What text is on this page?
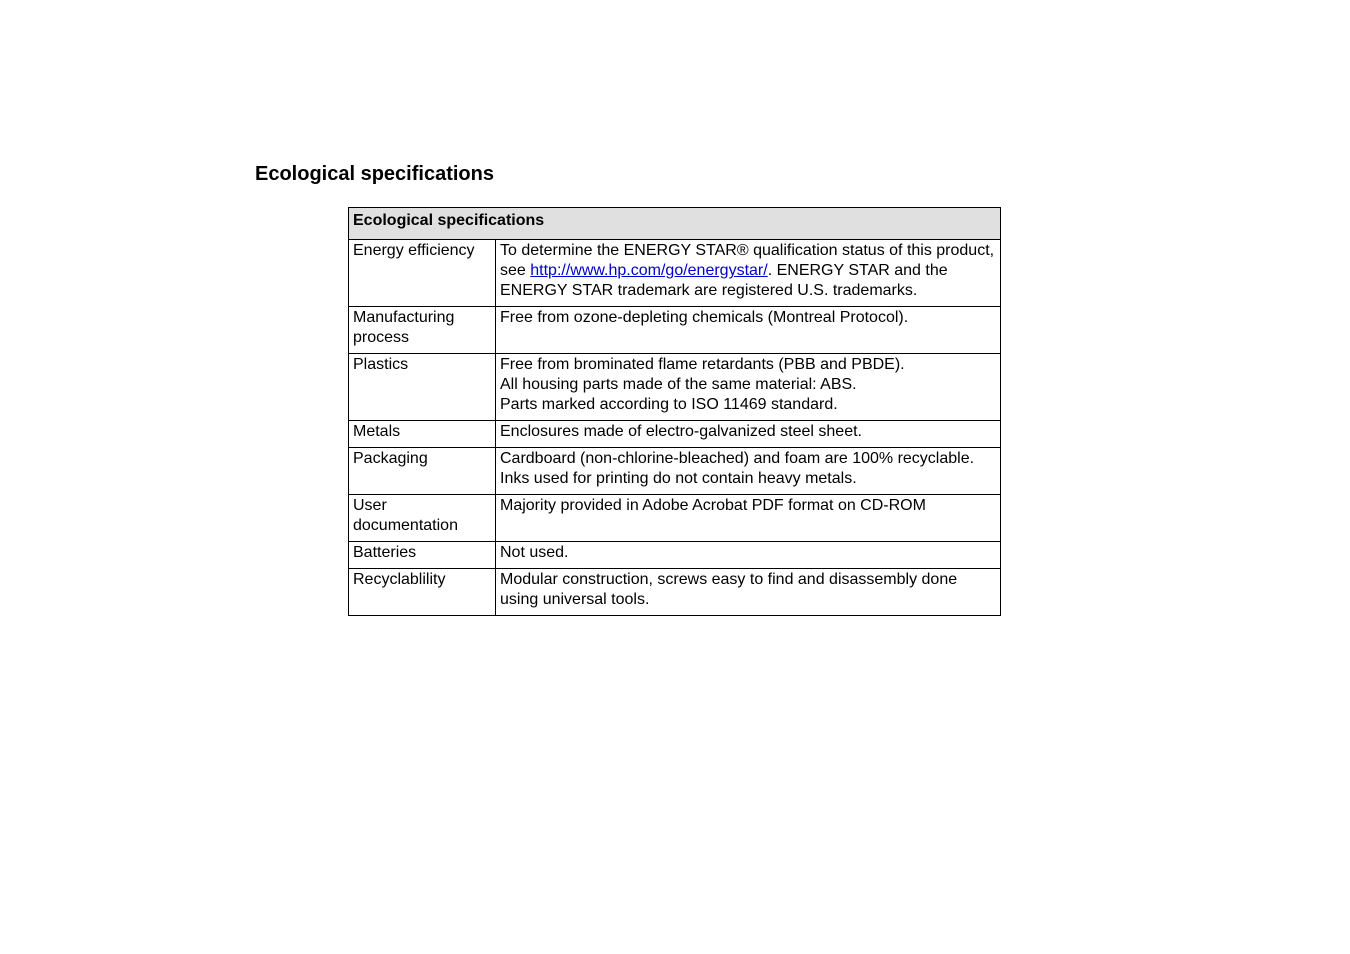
Ecological specifications
Ecological specifications	
Energy efficiency	To determine the ENERGY STAR® qualification status of this product, see http://www.hp.com/go/energystar/. ENERGY STAR and the ENERGY STAR trademark are registered U.S. trademarks.
Manufacturing process	Free from ozone-depleting chemicals (Montreal Protocol).

Plastics	Free from brominated flame retardants (PBB and PBDE).
All housing parts made of the same material: ABS.
Parts marked according to ISO 11469 standard.

Metals	Enclosures made of electro-galvanized steel sheet.

Packaging	Cardboard (non-chlorine-bleached) and foam are 100% recyclable.
Inks used for printing do not contain heavy metals.

User documentation	Majority provided in Adobe Acrobat PDF format on CD-ROM

Batteries	Not used.

Recyclablility	Modular construction, screws easy to find and disassembly done using universal tools.
